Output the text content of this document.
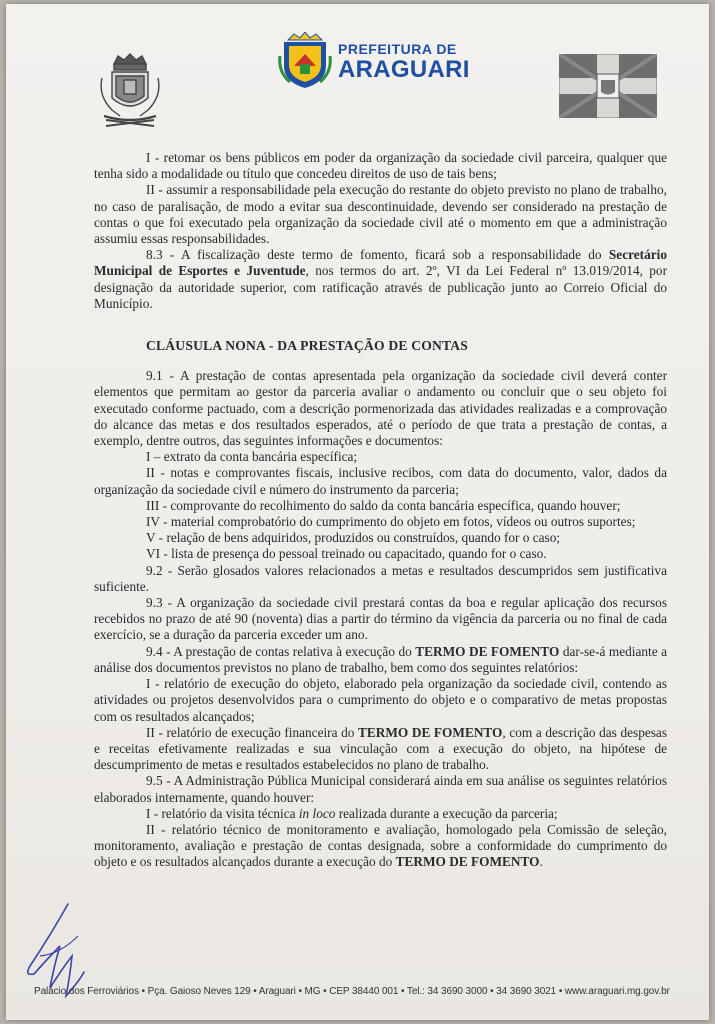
PREFEITURA DE
ARAGUARI

I - retomar os bens públicos em poder da organização da sociedade civil parceira, qualquer que tenha sido a modalidade ou título que concedeu direitos de uso de tais bens;

II - assumir a responsabilidade pela execução do restante do objeto previsto no plano de trabalho, no caso de paralisação, de modo a evitar sua descontinuidade, devendo ser considerado na prestação de contas o que foi executado pela organização da sociedade civil até o momento em que a administração assumiu essas responsabilidades.

8.3 - A fiscalização deste termo de fomento, ficará sob a responsabilidade do Secretário Municipal de Esportes e Juventude, nos termos do art. 2º, VI da Lei Federal nº 13.019/2014, por designação da autoridade superior, com ratificação através de publicação junto ao Correio Oficial do Município.

CLÁUSULA NONA - DA PRESTAÇÃO DE CONTAS

9.1 - A prestação de contas apresentada pela organização da sociedade civil deverá conter elementos que permitam ao gestor da parceria avaliar o andamento ou concluir que o seu objeto foi executado conforme pactuado, com a descrição pormenorizada das atividades realizadas e a comprovação do alcance das metas e dos resultados esperados, até o período de que trata a prestação de contas, a exemplo, dentre outros, das seguintes informações e documentos:

I – extrato da conta bancária específica;

II - notas e comprovantes fiscais, inclusive recibos, com data do documento, valor, dados da organização da sociedade civil e número do instrumento da parceria;

III - comprovante do recolhimento do saldo da conta bancária específica, quando houver;

IV - material comprobatório do cumprimento do objeto em fotos, vídeos ou outros suportes;

V - relação de bens adquiridos, produzidos ou construídos, quando for o caso;

VI - lista de presença do pessoal treinado ou capacitado, quando for o caso.

9.2 - Serão glosados valores relacionados a metas e resultados descumpridos sem justificativa suficiente.

9.3 - A organização da sociedade civil prestará contas da boa e regular aplicação dos recursos recebidos no prazo de até 90 (noventa) dias a partir do término da vigência da parceria ou no final de cada exercício, se a duração da parceria exceder um ano.

9.4 - A prestação de contas relativa à execução do TERMO DE FOMENTO dar-se-á mediante a análise dos documentos previstos no plano de trabalho, bem como dos seguintes relatórios:

I - relatório de execução do objeto, elaborado pela organização da sociedade civil, contendo as atividades ou projetos desenvolvidos para o cumprimento do objeto e o comparativo de metas propostas com os resultados alcançados;

II - relatório de execução financeira do TERMO DE FOMENTO, com a descrição das despesas e receitas efetivamente realizadas e sua vinculação com a execução do objeto, na hipótese de descumprimento de metas e resultados estabelecidos no plano de trabalho.

9.5 - A Administração Pública Municipal considerará ainda em sua análise os seguintes relatórios elaborados internamente, quando houver:

I - relatório da visita técnica in loco realizada durante a execução da parceria;

II - relatório técnico de monitoramento e avaliação, homologado pela Comissão de seleção, monitoramento, avaliação e prestação de contas designada, sobre a conformidade do cumprimento do objeto e os resultados alcançados durante a execução do TERMO DE FOMENTO.

Palácio dos Ferroviários • Pça. Gaioso Neves 129 • Araguari • MG • CEP 38440 001 • Tel.: 34 3690 3000 • 34 3690 3021 • www.araguari.mg.gov.br
